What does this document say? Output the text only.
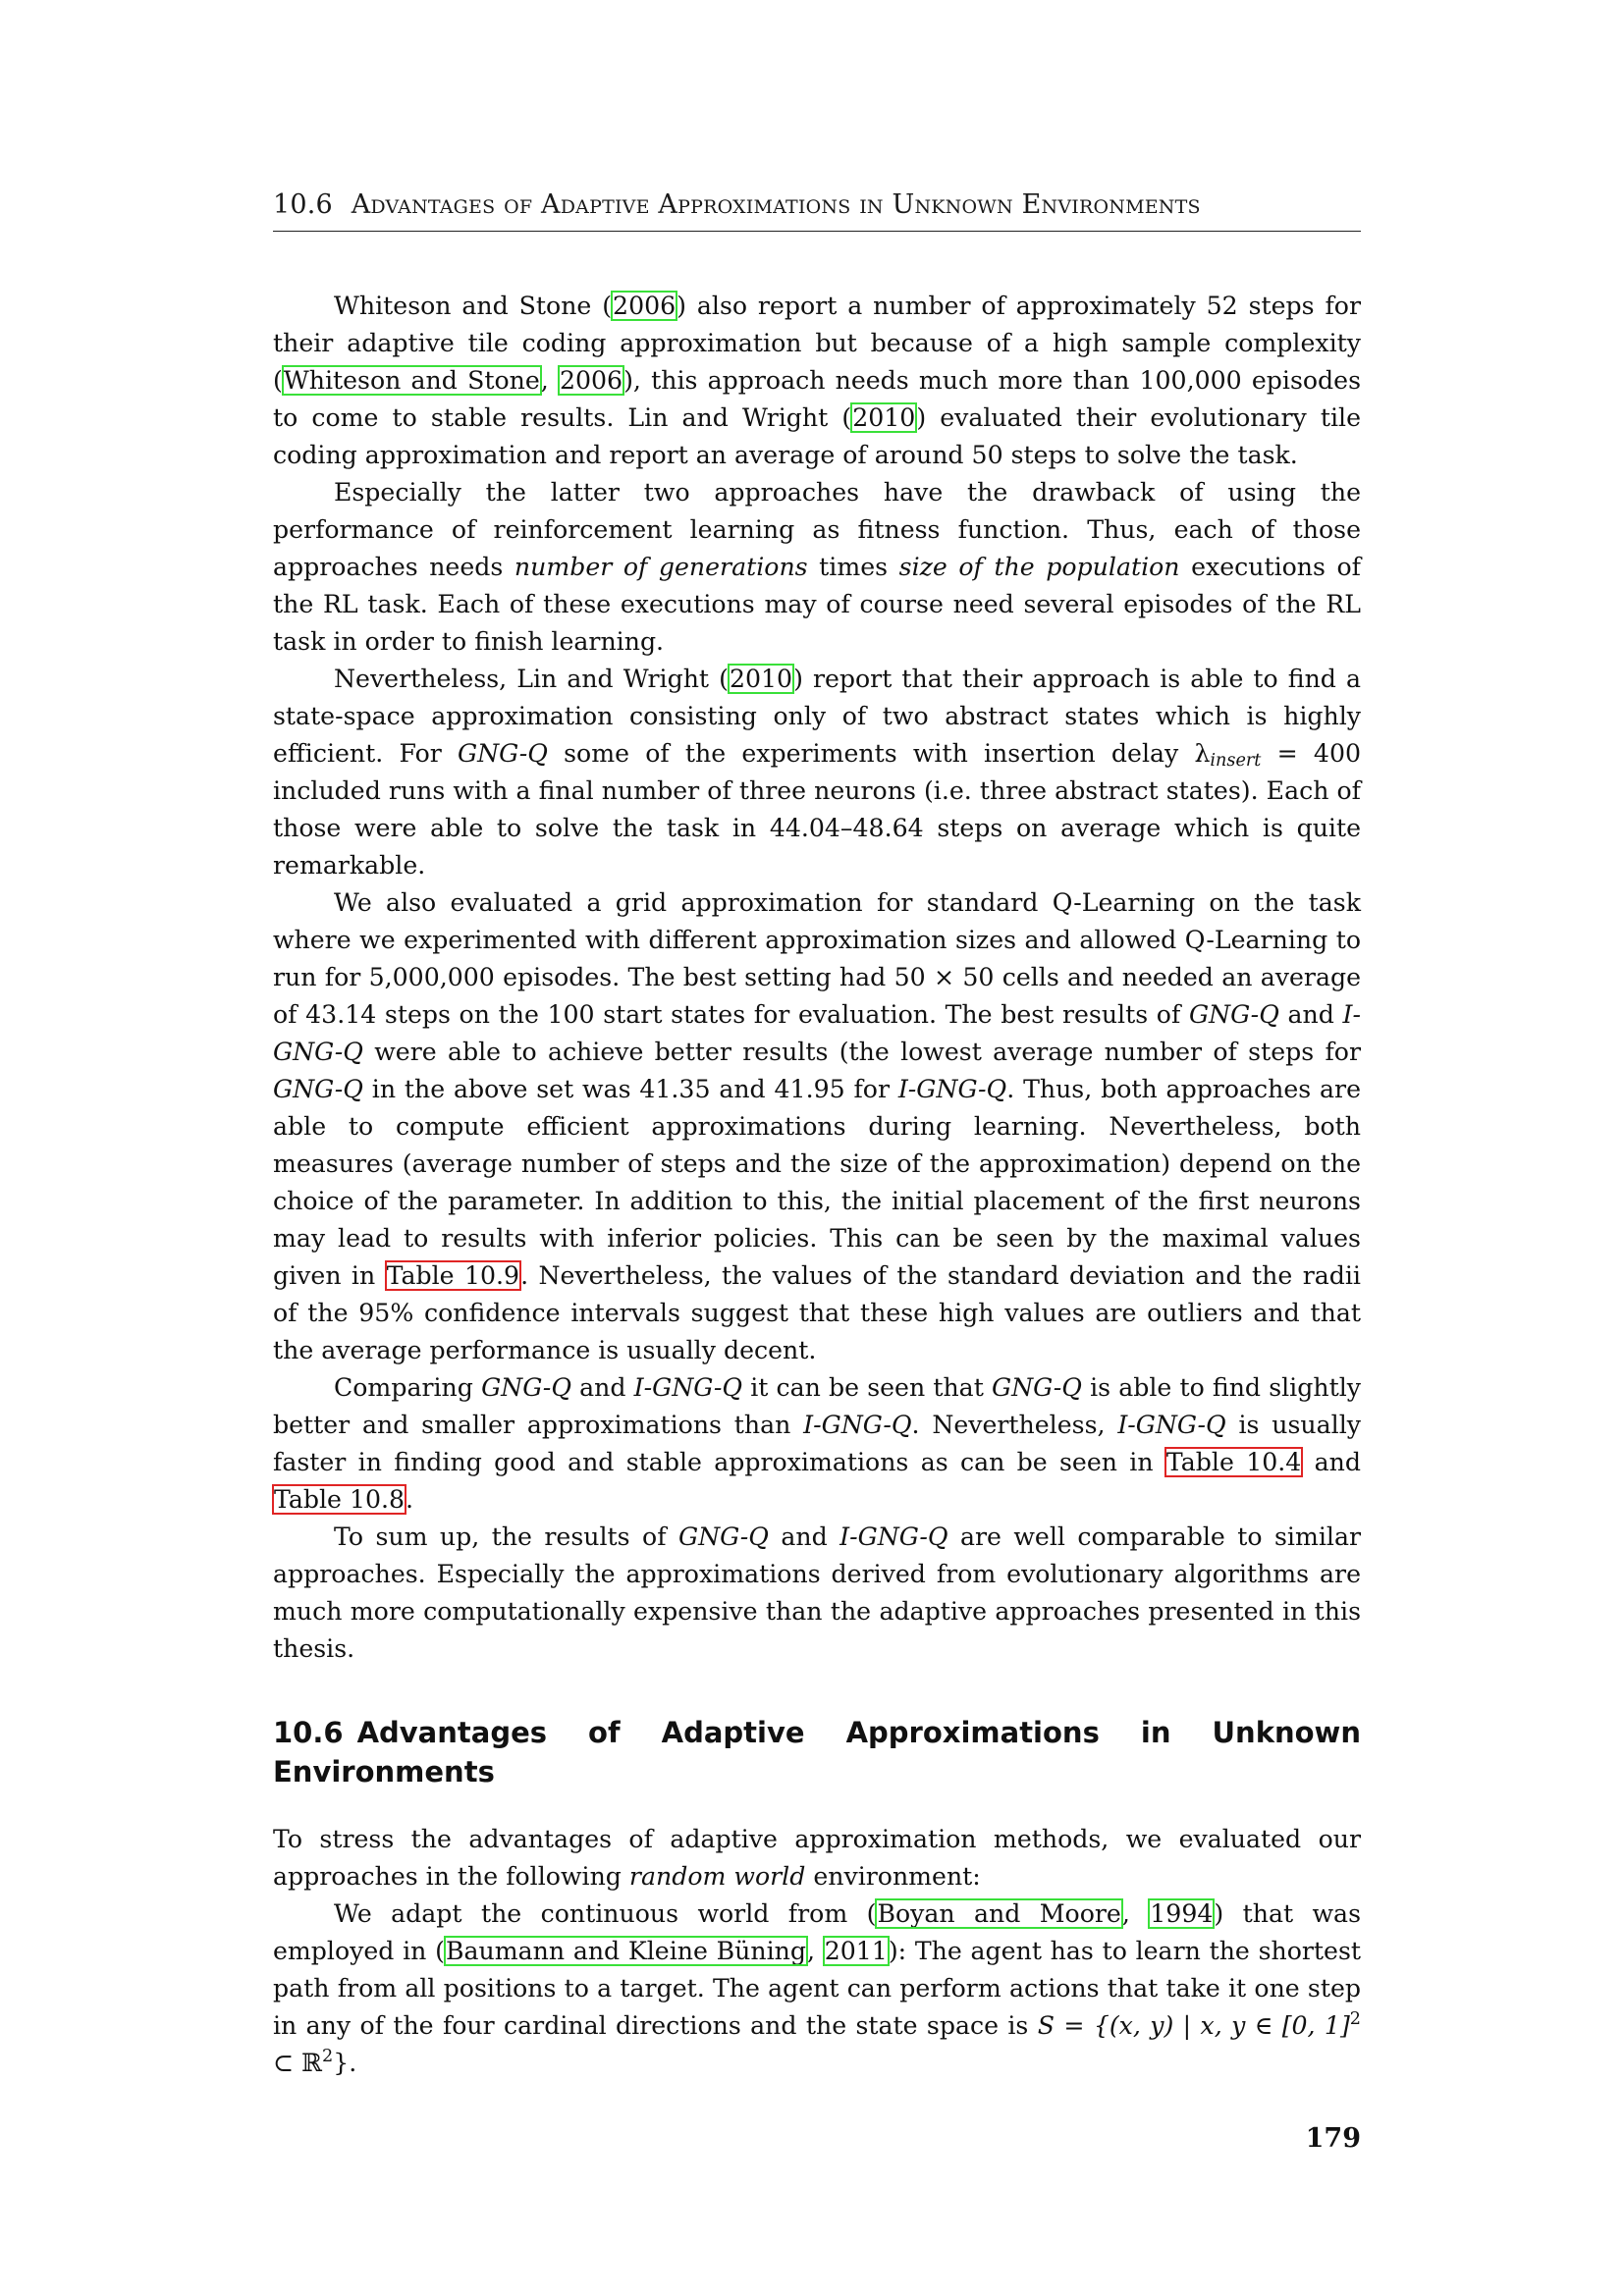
10.6 Advantages of Adaptive Approximations in Unknown Environments

Whiteson and Stone (2006) also report a number of approximately 52 steps for their adaptive tile coding approximation but because of a high sample complexity (Whiteson and Stone, 2006), this approach needs much more than 100,000 episodes to come to stable results. Lin and Wright (2010) evaluated their evolutionary tile coding approximation and report an average of around 50 steps to solve the task.

Especially the latter two approaches have the drawback of using the performance of reinforcement learning as fitness function. Thus, each of those approaches needs number of generations times size of the population executions of the RL task. Each of these executions may of course need several episodes of the RL task in order to finish learning.

Nevertheless, Lin and Wright (2010) report that their approach is able to find a state-space approximation consisting only of two abstract states which is highly efficient. For GNG-Q some of the experiments with insertion delay $\lambda_{insert} = 400$ included runs with a final number of three neurons (i.e. three abstract states). Each of those were able to solve the task in 44.04–48.64 steps on average which is quite remarkable.

We also evaluated a grid approximation for standard Q-Learning on the task where we experimented with different approximation sizes and allowed Q-Learning to run for 5,000,000 episodes. The best setting had 50 × 50 cells and needed an average of 43.14 steps on the 100 start states for evaluation. The best results of GNG-Q and I-GNG-Q were able to achieve better results (the lowest average number of steps for GNG-Q in the above set was 41.35 and 41.95 for I-GNG-Q. Thus, both approaches are able to compute efficient approximations during learning. Nevertheless, both measures (average number of steps and the size of the approximation) depend on the choice of the parameter. In addition to this, the initial placement of the first neurons may lead to results with inferior policies. This can be seen by the maximal values given in Table 10.9. Nevertheless, the values of the standard deviation and the radii of the 95% confidence intervals suggest that these high values are outliers and that the average performance is usually decent.

Comparing GNG-Q and I-GNG-Q it can be seen that GNG-Q is able to find slightly better and smaller approximations than I-GNG-Q. Nevertheless, I-GNG-Q is usually faster in finding good and stable approximations as can be seen in Table 10.4 and Table 10.8.

To sum up, the results of GNG-Q and I-GNG-Q are well comparable to similar approaches. Especially the approximations derived from evolutionary algorithms are much more computationally expensive than the adaptive approaches presented in this thesis.

10.6 Advantages of Adaptive Approximations in Unknown Environments

To stress the advantages of adaptive approximation methods, we evaluated our approaches in the following random world environment:

We adapt the continuous world from (Boyan and Moore, 1994) that was employed in (Baumann and Kleine Büning, 2011): The agent has to learn the shortest path from all positions to a target. The agent can perform actions that take it one step in any of the four cardinal directions and the state space is S = {(x, y) | x, y ∈ [0, 1]$^2$ ⊂ ℝ$^2$}.

179
